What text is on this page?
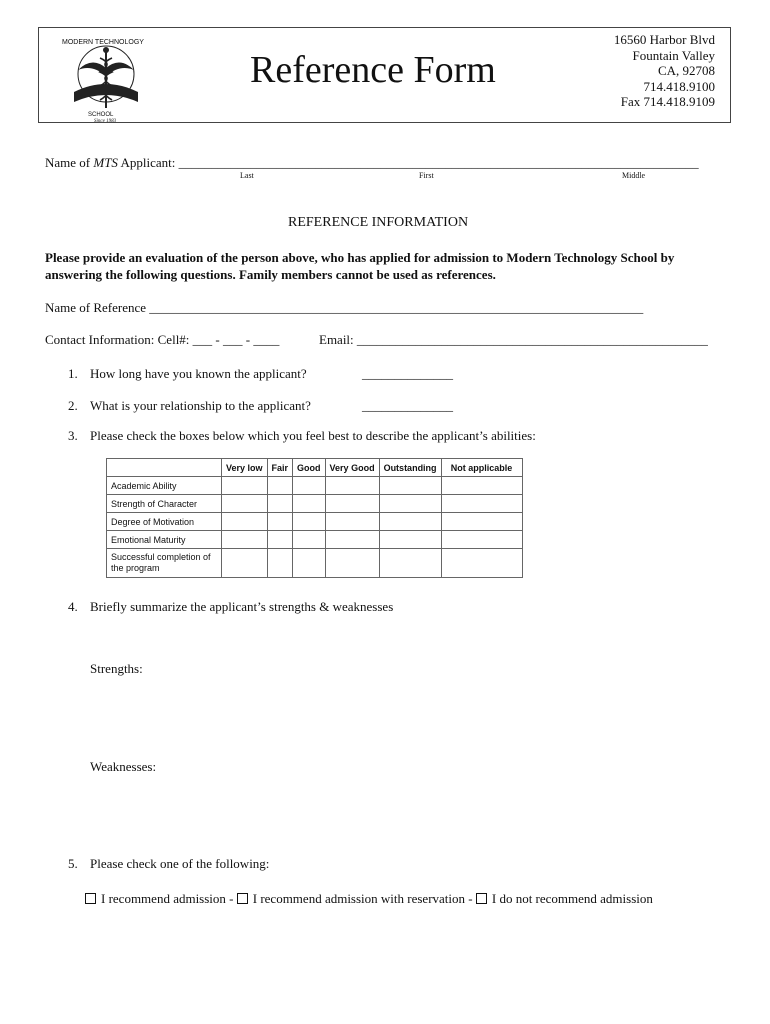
MODERN TECHNOLOGY
SCHOOL
Since 1983
Reference Form
16560 Harbor Blvd
Fountain Valley
CA, 92708
714.418.9100
Fax 714.418.9109
Name of MTS Applicant: ________________________________________________________________________________
Last	First	Middle
REFERENCE INFORMATION
Please provide an evaluation of the person above, who has applied for admission to Modern Technology School by
answering the following questions. Family members cannot be used as references.
Name of Reference ____________________________________________________________________________
Contact Information: Cell#: ___ - ___ - ____	Email: ______________________________________________________
1. How long have you known the applicant?	______________
2. What is your relationship to the applicant?	______________
3. Please check the boxes below which you feel best to describe the applicant’s abilities:
	Very low	Fair	Good	Very Good	Outstanding	Not applicable
Academic Ability						
Strength of Character						
Degree of Motivation						
Emotional Maturity						
Successful completion of the program						
4. Briefly summarize the applicant’s strengths & weaknesses
Strengths:
Weaknesses:
5. Please check one of the following:
I recommend admission - I recommend admission with reservation - I do not recommend admission
